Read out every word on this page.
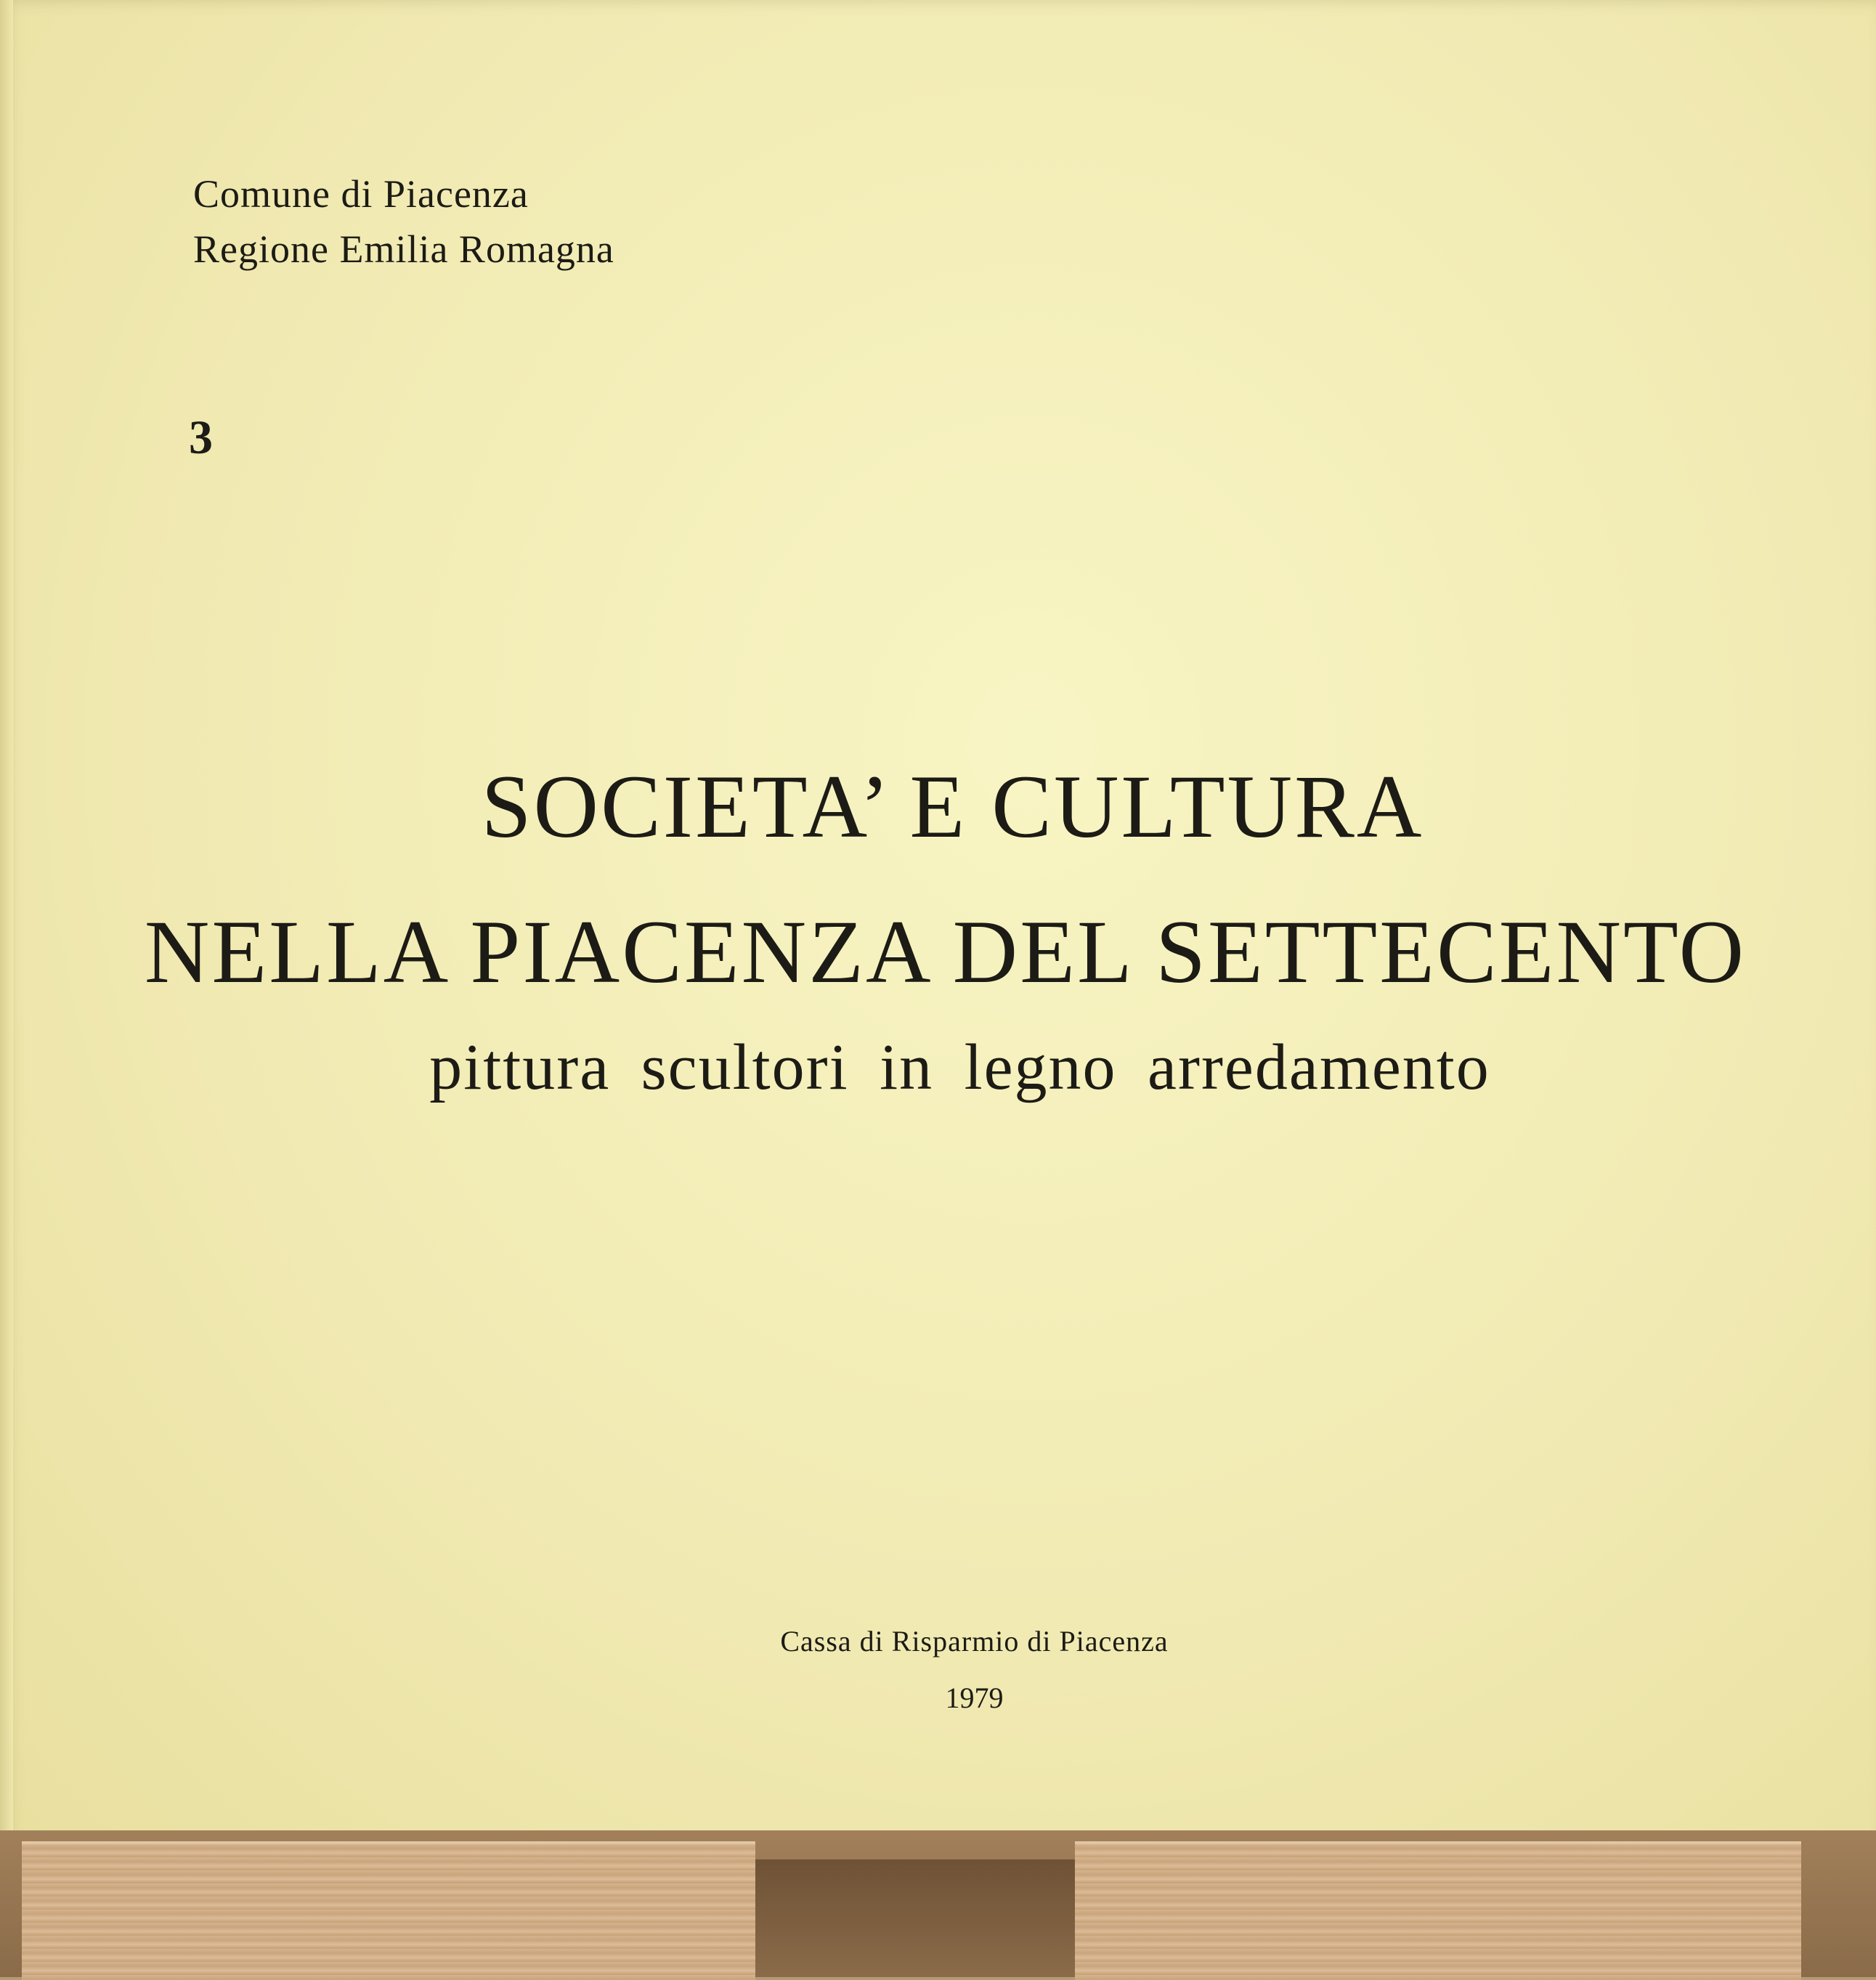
Comune di Piacenza
Regione Emilia Romagna
3
SOCIETA’ E CULTURA
NELLA PIACENZA DEL SETTECENTO
pittura scultori in legno arredamento
Cassa di Risparmio di Piacenza
1979
